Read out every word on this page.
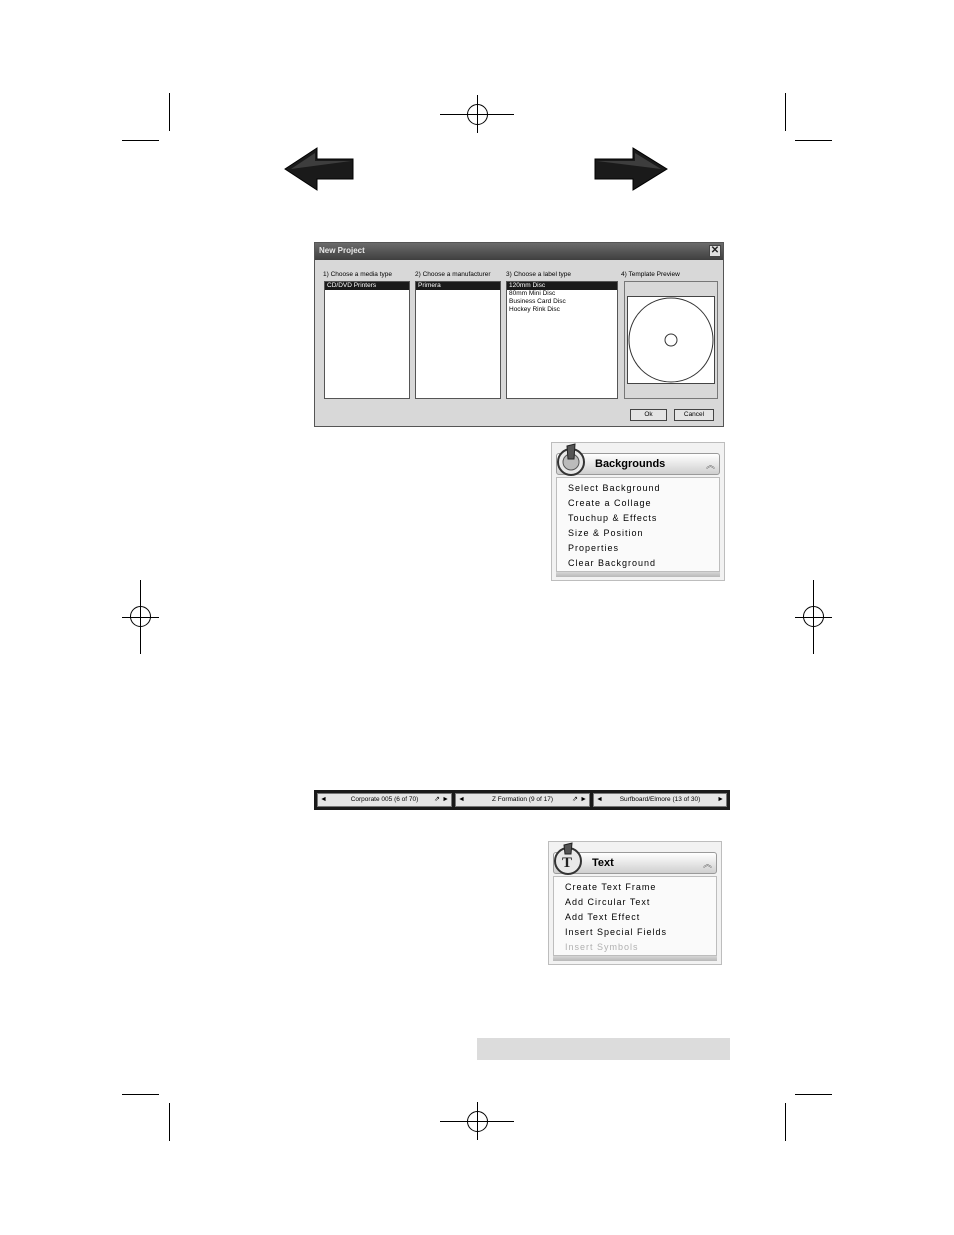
New Project	✕
1) Choose a media type	2) Choose a manufacturer 3) Choose a label type	4) Template Preview
CD/DVD Printers	Primera	120mm Disc
80mm Mini Disc
Business Card Disc
Hockey Rink Disc
Ok	Cancel
Backgrounds	︽
Select Background
Create a Collage
Touchup & Effects
Size & Position
Properties
Clear Background
◄	Corporate 005 (6 of 70)	⇗ ► ◄	Z Formation (9 of 17)	⇗ ► ◄	Surfboard/Elmore (13 of 30)	►
Text	︽
T
Create Text Frame
Add Circular Text
Add Text Effect
Insert Special Fields
Insert Symbols
